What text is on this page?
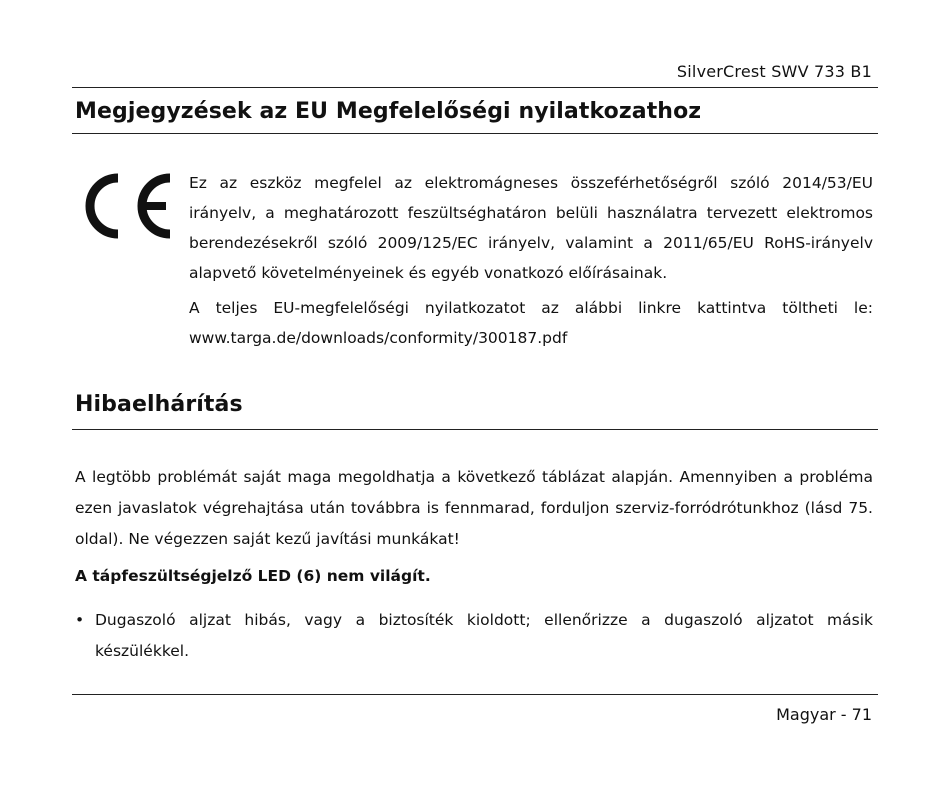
SilverCrest SWV 733 B1
Megjegyzések az EU Megfelelőségi nyilatkozathoz

Ez az eszköz megfelel az elektromágneses összeférhetőségről szóló 2014/53/EU irányelv, a meghatározott feszültséghatáron belüli használatra tervezett elektromos berendezésekről szóló 2009/125/EC irányelv, valamint a 2011/65/EU RoHS-irányelv alapvető követelményeinek és egyéb vonatkozó előírásainak.

A teljes EU-megfelelőségi nyilatkozatot az alábbi linkre kattintva töltheti le: www.targa.de/downloads/conformity/300187.pdf

Hibaelhárítás

A legtöbb problémát saját maga megoldhatja a következő táblázat alapján. Amennyiben a probléma ezen javaslatok végrehajtása után továbbra is fennmarad, forduljon szerviz-forródrótunkhoz (lásd 75. oldal). Ne végezzen saját kezű javítási munkákat!

A tápfeszültségjelző LED (6) nem világít.

• Dugaszoló aljzat hibás, vagy a biztosíték kioldott; ellenőrizze a dugaszoló aljzatot másik készülékkel.

Magyar - 71
